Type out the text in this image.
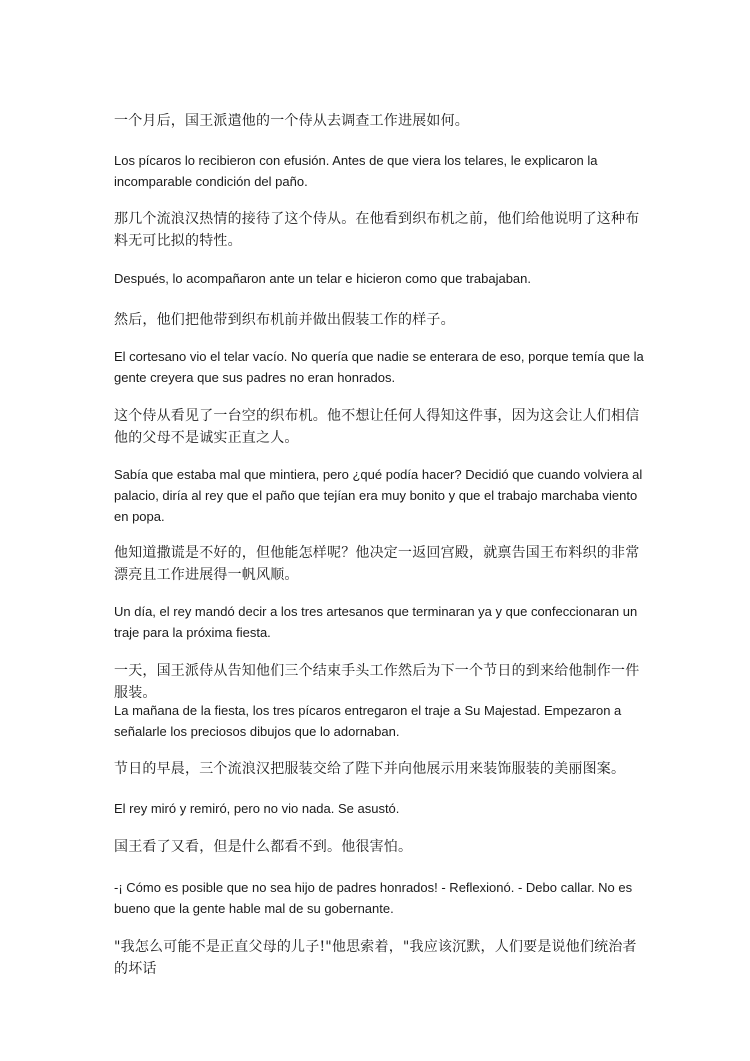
一个月后，国王派遣他的一个侍从去调查工作进展如何。

Los pícaros lo recibieron con efusión. Antes de que viera los telares, le explicaron la incomparable condición del paño.

那几个流浪汉热情的接待了这个侍从。在他看到织布机之前，他们给他说明了这种布料无可比拟的特性。

Después, lo acompañaron ante un telar e hicieron como que trabajaban.

然后，他们把他带到织布机前并做出假装工作的样子。

El cortesano vio el telar vacío. No quería que nadie se enterara de eso, porque temía que la gente creyera que sus padres no eran honrados.

这个侍从看见了一台空的织布机。他不想让任何人得知这件事，因为这会让人们相信他的父母不是诚实正直之人。

Sabía que estaba mal que mintiera, pero ¿qué podía hacer? Decidió que cuando volviera al palacio, diría al rey que el paño que tejían era muy bonito y que el trabajo marchaba viento en popa.

他知道撒谎是不好的，但他能怎样呢？他决定一返回宫殿，就禀告国王布料织的非常漂亮且工作进展得一帆风顺。

Un día, el rey mandó decir a los tres artesanos que terminaran ya y que confeccionaran un traje para la próxima fiesta.

一天，国王派侍从告知他们三个结束手头工作然后为下一个节日的到来给他制作一件服装。

La mañana de la fiesta, los tres pícaros entregaron el traje a Su Majestad. Empezaron a señalarle los preciosos dibujos que lo adornaban.

节日的早晨，三个流浪汉把服装交给了陛下并向他展示用来装饰服装的美丽图案。

El rey miró y remiró, pero no vio nada. Se asustó.

国王看了又看，但是什么都看不到。他很害怕。

-¡ Cómo es posible que no sea hijo de padres honrados! - Reflexionó. - Debo callar. No es bueno que la gente hable mal de su gobernante.

"我怎么可能不是正直父母的儿子!"他思索着，"我应该沉默，人们要是说他们统治者的坏话
